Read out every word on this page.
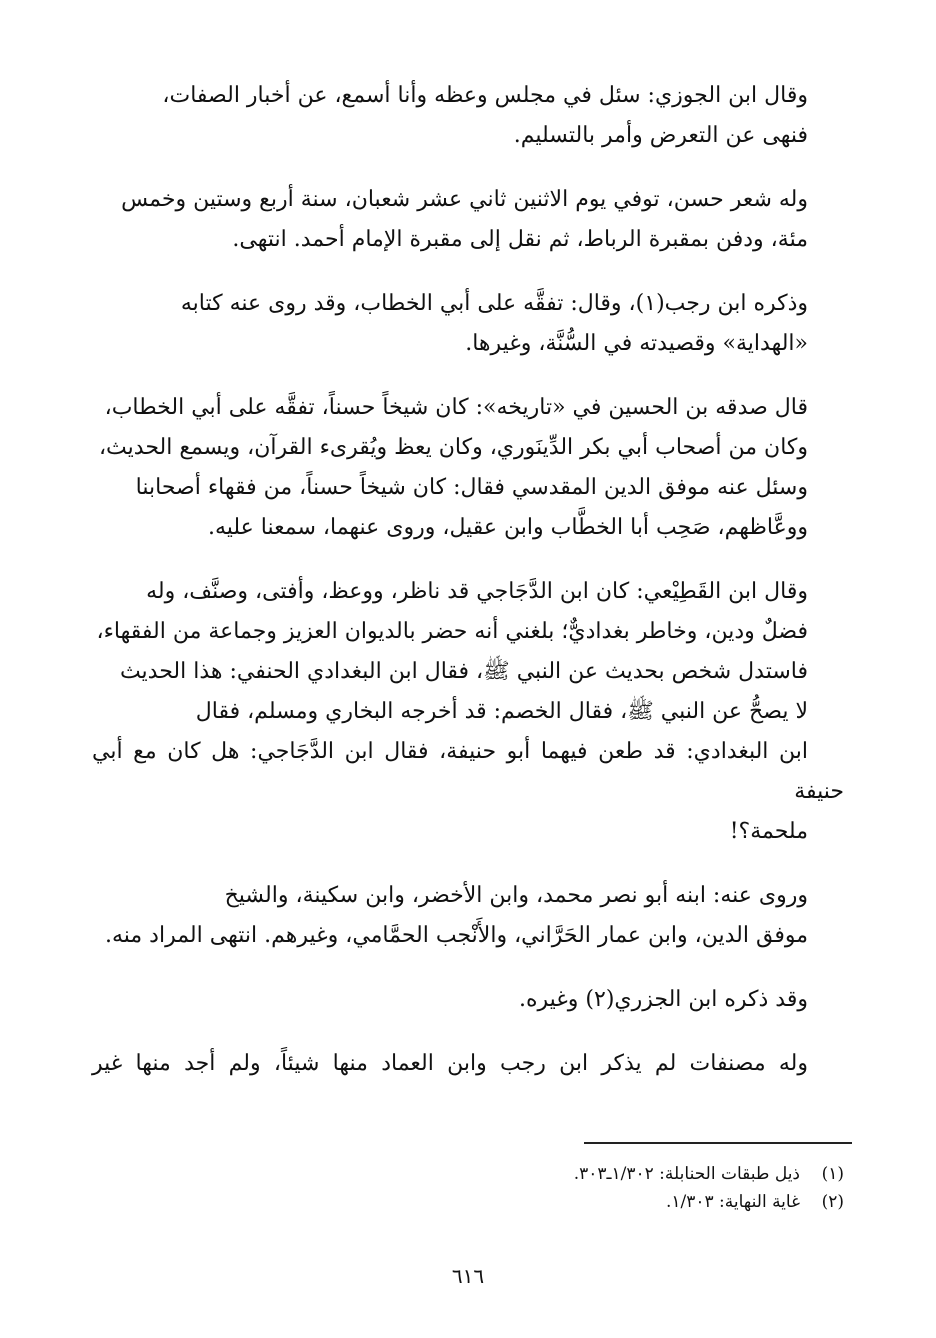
وقال ابن الجوزي: سئل في مجلس وعظه وأنا أسمع، عن أخبار الصفات،
فنهى عن التعرض وأمر بالتسليم.

وله شعر حسن، توفي يوم الاثنين ثاني عشر شعبان، سنة أربع وستين وخمس
مئة، ودفن بمقبرة الرباط، ثم نقل إلى مقبرة الإمام أحمد. انتهى.

وذكره ابن رجب(١)، وقال: تفقَّه على أبي الخطاب، وقد روى عنه كتابه
«الهداية» وقصيدته في السُّنَّة، وغيرها.

قال صدقه بن الحسين في «تاريخه»: كان شيخاً حسناً، تفقَّه على أبي الخطاب،
وكان من أصحاب أبي بكر الدِّينَوري، وكان يعظ ويُقرىء القرآن، ويسمع الحديث،
وسئل عنه موفق الدين المقدسي فقال: كان شيخاً حسناً، من فقهاء أصحابنا
ووعَّاظهم، صَحِب أبا الخطَّاب وابن عقيل، وروى عنهما، سمعنا عليه.

وقال ابن القَطِيْعي: كان ابن الدَّجَاجي قد ناظر، ووعظ، وأفتى، وصنَّف، وله
فضلٌ ودين، وخاطر بغداديٌّ؛ بلغني أنه حضر بالديوان العزيز وجماعة من الفقهاء،
فاستدل شخص بحديث عن النبي ﷺ، فقال ابن البغدادي الحنفي: هذا الحديث
لا يصحُّ عن النبي ﷺ، فقال الخصم: قد أخرجه البخاري ومسلم، فقال
ابن البغدادي: قد طعن فيهما أبو حنيفة، فقال ابن الدَّجَاجي: هل كان مع أبي حنيفة
ملحمة؟!

وروى عنه: ابنه أبو نصر محمد، وابن الأخضر، وابن سكينة، والشيخ
موفق الدين، وابن عمار الحَرَّاني، والأَنْجب الحمَّامي، وغيرهم. انتهى المراد منه.

وقد ذكره ابن الجزري(٢) وغيره.

وله مصنفات لم يذكر ابن رجب وابن العماد منها شيئاً، ولم أجد منها غير

(١)
ذيل طبقات الحنابلة: ١/٣٠٢ـ٣٠٣.
(٢)
غاية النهاية: ١/٣٠٣.
٦١٦
